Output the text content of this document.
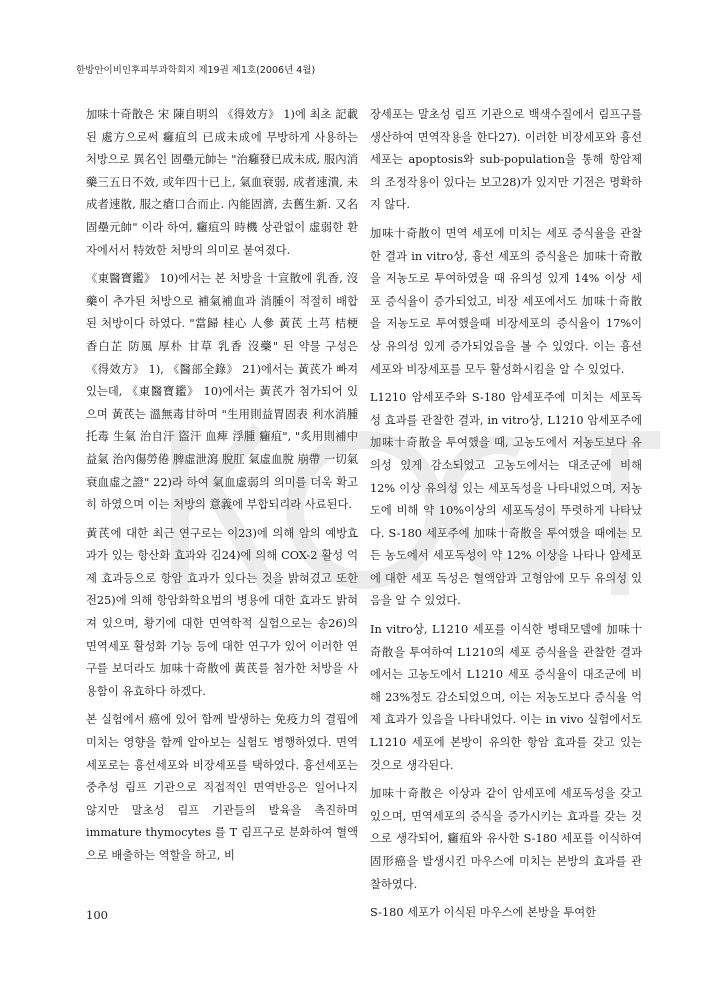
한방안이비인후피부과학회지 제19권 제1호(2006년 4월)

加味十奇散은 宋 陳自明의 《得效方》 1)에 최초 記載된 處方으로써 癰疽의 已成未成에 무방하게 사용하는 처방으로 異名인 固壘元帥는 "治癰發已成未成, 服內消藥三五日不效, 或年四十已上, 氣血衰弱, 成者速潰, 未成者速散, 服之瘡口合而止. 內能固濟, 去舊生新. 又名固壘元帥" 이라 하여, 癰疽의 時機 상관없이 虛弱한 환자에서서 特效한 처방의 의미로 붙여졌다.

《東醫寶鑑》 10)에서는 본 처방을 十宣散에 乳香, 沒藥이 추가된 처방으로 補氣補血과 消腫이 적절히 배합된 처방이다 하였다. "當歸 桂心 人參 黃芪 土芎 桔梗 香白芷 防風 厚朴 甘草 乳香 沒藥" 된 약물 구성은 《得效方》 1), 《醫部全錄》 21)에서는 黃芪가 빠져있는데, 《東醫寶鑑》 10)에서는 黃芪가 첨가되어 있으며 黃芪는 溫無毒甘하며 "生用則益胃固表 利水消腫 托毒 生氣 治自汗 盜汗 血痺 浮腫 癰疽", "炙用則補中益氣 治內傷勞倦 脾虛泄瀉 脫肛 氣虛血脫 崩帶 一切氣衰血虛之證" 22)라 하여 氣血虛弱의 의미를 더욱 확고히 하였으며 이는 처방의 意義에 부합되리라 사료된다.

黃芪에 대한 최근 연구로는 이23)에 의해 암의 예방효과가 있는 항산화 효과와 김24)에 의해 COX-2 활성 억제 효과등으로 항암 효과가 있다는 것을 밝혀겼고 또한 전25)에 의해 항암화학요법의 병용에 대한 효과도 밝혀져 있으며, 황기에 대한 면역학적 실험으로는 송26)의 면역세포 활성화 기능 등에 대한 연구가 있어 이러한 연구를 보더라도 加味十奇散에 黃芪를 첨가한 처방을 사용함이 유효하다 하겠다.

본 실험에서 癌에 있어 함께 발생하는 免疫力의 결핍에 미치는 영향을 함께 알아보는 실험도 병행하였다. 면역세포로는 흉선세포와 비장세포를 택하였다. 흉선세포는 중추성 림프 기관으로 직접적인 면역반응은 일어나지 않지만 말초성 림프 기관들의 발육을 촉진하며 immature thymocytes 를 T 림프구로 분화하여 혈액으로 배출하는 역할을 하고, 비

장세포는 말초성 림프 기관으로 백색수질에서 림프구를 생산하여 면역작용을 한다27). 이러한 비장세포와 흉선세포는 apoptosis와 sub-population을 통해 항암제의 조정작용이 있다는 보고28)가 있지만 기전은 명확하지 않다.

加味十奇散이 면역 세포에 미치는 세포 증식율을 관찰한 결과 in vitro상, 흉선 세포의 증식율은 加味十奇散을 저농도로 투여하였을 때 유의성 있게 14% 이상 세포 증식율이 증가되었고, 비장 세포에서도 加味十奇散을 저농도로 투여했을때 비장세포의 증식율이 17%이상 유의성 있게 증가되었음을 볼 수 있었다. 이는 흉선세포와 비장세포를 모두 활성화시킴을 알 수 있었다.

L1210 암세포주와 S-180 암세포주에 미치는 세포독성 효과를 관찰한 결과, in vitro상, L1210 암세포주에 加味十奇散을 투여했을 때, 고농도에서 저농도보다 유의성 있게 감소되었고 고농도에서는 대조군에 비해 12% 이상 유의성 있는 세포독성을 나타내었으며, 저농도에 비해 약 10%이상의 세포독성이 뚜렷하게 나타났다. S-180 세포주에 加味十奇散을 투여했을 때에는 모든 농도에서 세포독성이 약 12% 이상을 나타나 암세포에 대한 세포 독성은 혈액암과 고형암에 모두 유의성 있음을 알 수 있었다.

In vitro상, L1210 세포를 이식한 병태모델에 加味十奇散을 투여하여 L1210의 세포 증식율을 관찰한 결과에서는 고농도에서 L1210 세포 증식율이 대조군에 비해 23%정도 감소되었으며, 이는 저농도보다 증식율 억제 효과가 있음을 나타내었다. 이는 in vivo 실험에서도 L1210 세포에 본방이 유의한 항암 효과를 갖고 있는 것으로 생각된다.

加味十奇散은 이상과 같이 암세포에 세포독성을 갖고 있으며, 면역세포의 증식을 증가시키는 효과를 갖는 것으로 생각되어, 癰疽와 유사한 S-180 세포를 이식하여 固形癌을 발생시킨 마우스에 미치는 본방의 효과를 관찰하였다.

S-180 세포가 이식된 마우스에 본방을 투여한

100
